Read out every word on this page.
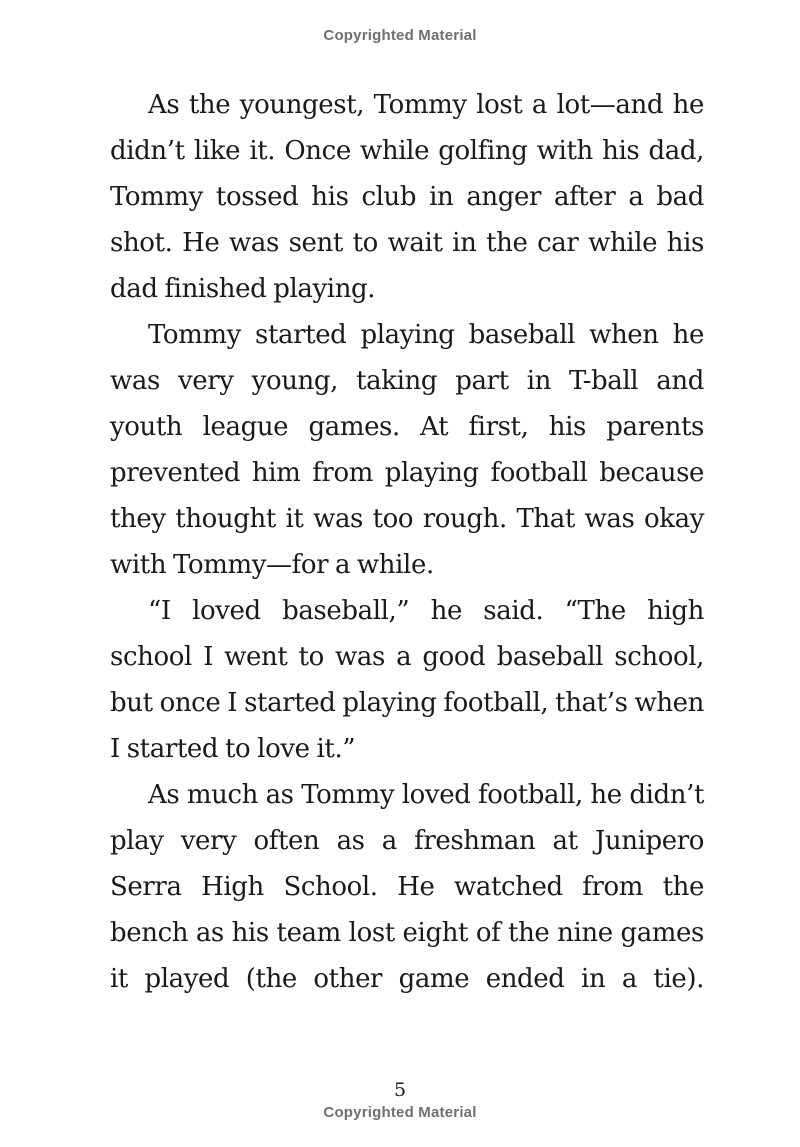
Copyrighted Material

As the youngest, Tommy lost a lot—and he didn’t like it. Once while golfing with his dad, Tommy tossed his club in anger after a bad shot. He was sent to wait in the car while his dad finished playing.

Tommy started playing baseball when he was very young, taking part in T-ball and youth league games. At first, his parents prevented him from playing football because they thought it was too rough. That was okay with Tommy—for a while.

“I loved baseball,” he said. “The high school I went to was a good baseball school, but once I started playing football, that’s when I started to love it.”

As much as Tommy loved football, he didn’t play very often as a freshman at Junipero Serra High School. He watched from the bench as his team lost eight of the nine games it played (the other game ended in a tie).

5
Copyrighted Material
